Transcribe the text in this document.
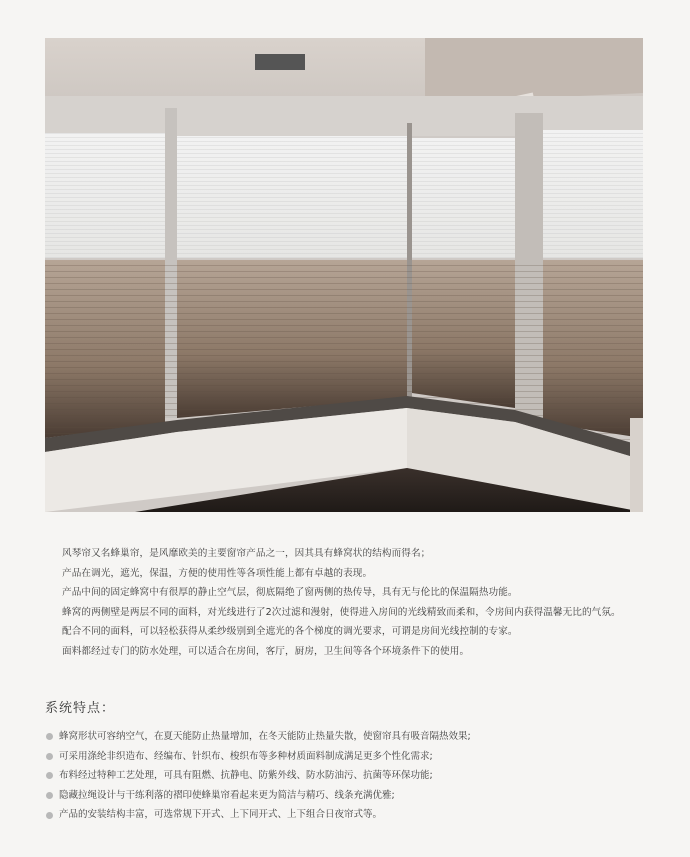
风琴帘又名蜂巢帘，是风靡欧美的主要窗帘产品之一，因其具有蜂窝状的结构而得名；

产品在调光，遮光，保温，方便的使用性等各项性能上都有卓越的表现。

产品中间的固定蜂窝中有很厚的静止空气层，彻底隔绝了窗两侧的热传导，具有无与伦比的保温隔热功能。

蜂窝的两侧壁是两层不同的面料，对光线进行了2次过滤和漫射，使得进入房间的光线精致而柔和，令房间内获得温馨无比的气氛。

配合不同的面料，可以轻松获得从柔纱级别到全遮光的各个梯度的调光要求，可谓是房间光线控制的专家。

面料都经过专门的防水处理，可以适合在房间，客厅，厨房，卫生间等各个环境条件下的使用。

系统特点：
蜂窝形状可容纳空气，在夏天能防止热量增加，在冬天能防止热量失散，使窗帘具有吸音隔热效果;
可采用涤纶非织造布、经编布、针织布、梭织布等多种材质面料制成满足更多个性化需求;
布料经过特种工艺处理，可具有阻燃、抗静电、防紫外线、防水防油污、抗菌等环保功能;
隐藏拉绳设计与干练利落的褶印使蜂巢帘看起来更为简洁与精巧、线条充满优雅;
产品的安装结构丰富，可选常规下开式、上下同开式、上下组合日夜帘式等。
